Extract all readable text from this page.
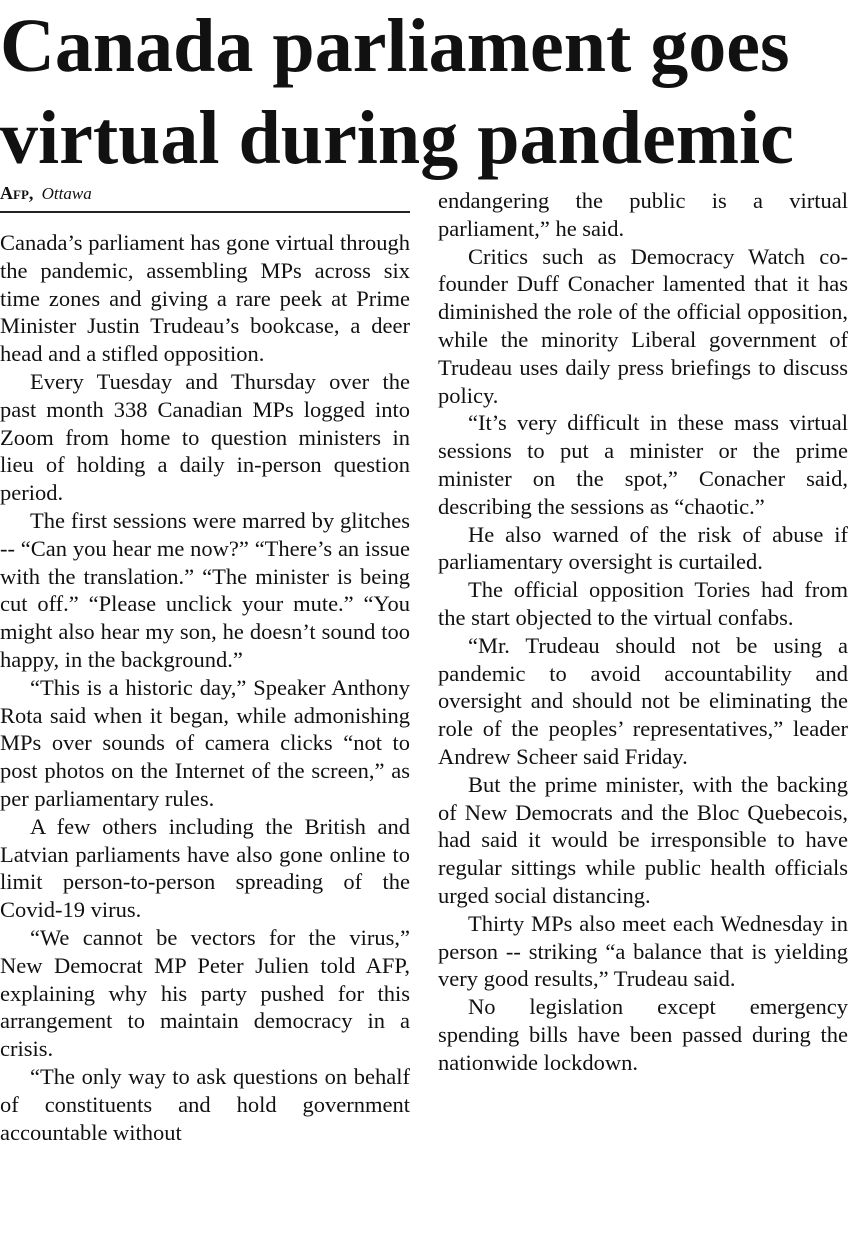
Canada parliament goes
virtual during pandemic
Afp, Ottawa

Canada’s parliament has gone virtual through the pandemic, assembling MPs across six time zones and giving a rare peek at Prime Minister Justin Trudeau’s bookcase, a deer head and a stifled opposition.

Every Tuesday and Thursday over the past month 338 Canadian MPs logged into Zoom from home to question ministers in lieu of holding a daily in-person question period.

The first sessions were marred by glitches -- “Can you hear me now?” “There’s an issue with the translation.” “The minister is being cut off.” “Please unclick your mute.” “You might also hear my son, he doesn’t sound too happy, in the background.”

“This is a historic day,” Speaker Anthony Rota said when it began, while admonishing MPs over sounds of camera clicks “not to post photos on the Internet of the screen,” as per parliamentary rules.

A few others including the British and Latvian parliaments have also gone online to limit person-to-person spreading of the Covid-19 virus.

“We cannot be vectors for the virus,” New Democrat MP Peter Julien told AFP, explaining why his party pushed for this arrangement to maintain democracy in a crisis.

“The only way to ask questions on behalf of constituents and hold government accountable without

endangering the public is a virtual parliament,” he said.

Critics such as Democracy Watch co-founder Duff Conacher lamented that it has diminished the role of the official opposition, while the minority Liberal government of Trudeau uses daily press briefings to discuss policy.

“It’s very difficult in these mass virtual sessions to put a minister or the prime minister on the spot,” Conacher said, describing the sessions as “chaotic.”

He also warned of the risk of abuse if parliamentary oversight is curtailed.

The official opposition Tories had from the start objected to the virtual confabs.

“Mr. Trudeau should not be using a pandemic to avoid accountability and oversight and should not be eliminating the role of the peoples’ representatives,” leader Andrew Scheer said Friday.

But the prime minister, with the backing of New Democrats and the Bloc Quebecois, had said it would be irresponsible to have regular sittings while public health officials urged social distancing.

Thirty MPs also meet each Wednesday in person -- striking “a balance that is yielding very good results,” Trudeau said.

No legislation except emergency spending bills have been passed during the nationwide lockdown.
